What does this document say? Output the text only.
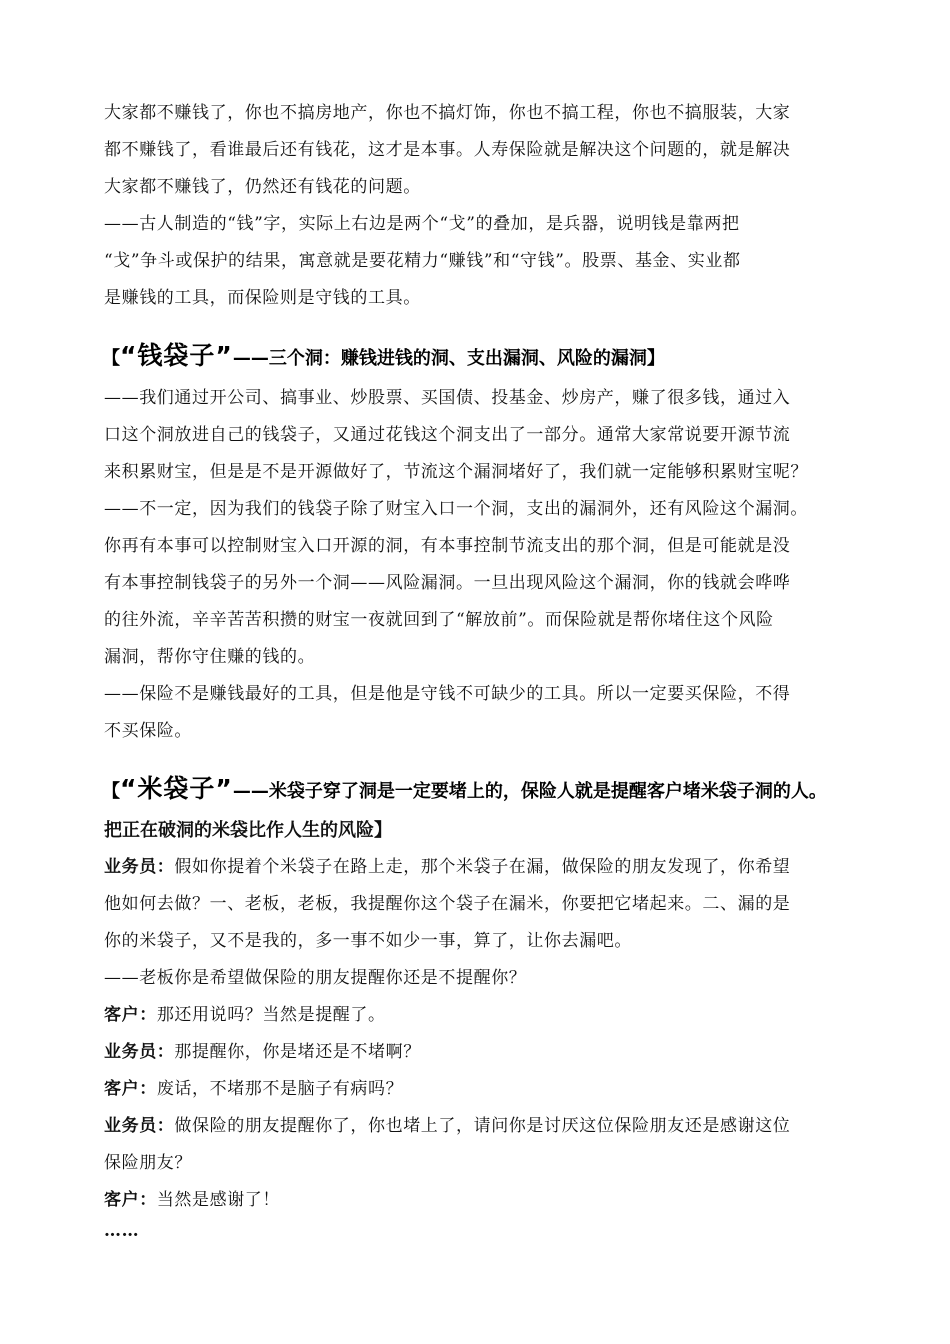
大家都不赚钱了，你也不搞房地产，你也不搞灯饰，你也不搞工程，你也不搞服装，大家
都不赚钱了，看谁最后还有钱花，这才是本事。人寿保险就是解决这个问题的，就是解决
大家都不赚钱了，仍然还有钱花的问题。
——古人制造的“钱”字，实际上右边是两个“戈”的叠加，是兵器，说明钱是靠两把
“戈”争斗或保护的结果，寓意就是要花精力“赚钱”和“守钱”。股票、基金、实业都
是赚钱的工具，而保险则是守钱的工具。
【“钱袋子”——三个洞：赚钱进钱的洞、支出漏洞、风险的漏洞】
——我们通过开公司、搞事业、炒股票、买国债、投基金、炒房产，赚了很多钱，通过入
口这个洞放进自己的钱袋子，又通过花钱这个洞支出了一部分。通常大家常说要开源节流
来积累财宝，但是是不是开源做好了，节流这个漏洞堵好了，我们就一定能够积累财宝呢？
——不一定，因为我们的钱袋子除了财宝入口一个洞，支出的漏洞外，还有风险这个漏洞。
你再有本事可以控制财宝入口开源的洞，有本事控制节流支出的那个洞，但是可能就是没
有本事控制钱袋子的另外一个洞——风险漏洞。一旦出现风险这个漏洞，你的钱就会哗哗
的往外流，辛辛苦苦积攒的财宝一夜就回到了“解放前”。而保险就是帮你堵住这个风险
漏洞，帮你守住赚的钱的。
——保险不是赚钱最好的工具，但是他是守钱不可缺少的工具。所以一定要买保险，不得
不买保险。
【“米袋子”——米袋子穿了洞是一定要堵上的，保险人就是提醒客户堵米袋子洞的人。
把正在破洞的米袋比作人生的风险】
业务员：假如你提着个米袋子在路上走，那个米袋子在漏，做保险的朋友发现了，你希望
他如何去做？一、老板，老板，我提醒你这个袋子在漏米，你要把它堵起来。二、漏的是
你的米袋子，又不是我的，多一事不如少一事，算了，让你去漏吧。
——老板你是希望做保险的朋友提醒你还是不提醒你？
客户：那还用说吗？当然是提醒了。
业务员：那提醒你，你是堵还是不堵啊？
客户：废话，不堵那不是脑子有病吗？
业务员：做保险的朋友提醒你了，你也堵上了，请问你是讨厌这位保险朋友还是感谢这位
保险朋友？
客户：当然是感谢了！
……
